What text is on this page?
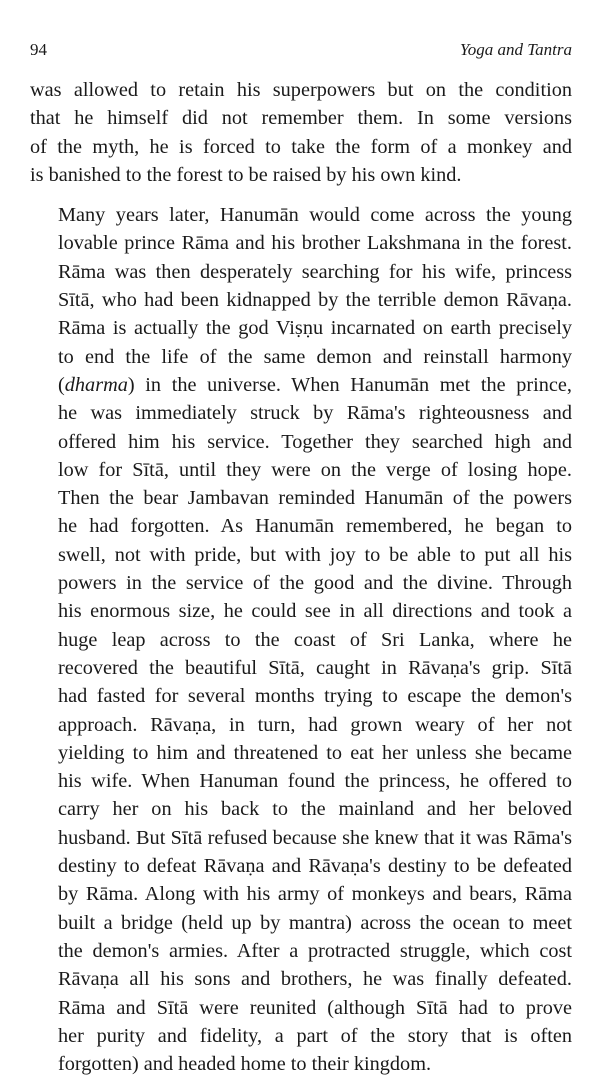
94	Yoga and Tantra

was allowed to retain his superpowers but on the condition
that he himself did not remember them. In some versions
of the myth, he is forced to take the form of a monkey and
is banished to the forest to be raised by his own kind.

Many years later, Hanumān would come across the young
lovable prince Rāma and his brother Lakshmana in the forest.
Rāma was then desperately searching for his wife, princess
Sītā, who had been kidnapped by the terrible demon Rāvaṇa.
Rāma is actually the god Viṣṇu incarnated on earth precisely
to end the life of the same demon and reinstall harmony
(dharma) in the universe. When Hanumān met the prince,
he was immediately struck by Rāma's righteousness and
offered him his service. Together they searched high and
low for Sītā, until they were on the verge of losing hope.
Then the bear Jambavan reminded Hanumān of the powers
he had forgotten. As Hanumān remembered, he began to
swell, not with pride, but with joy to be able to put all his
powers in the service of the good and the divine. Through
his enormous size, he could see in all directions and took a
huge leap across to the coast of Sri Lanka, where he
recovered the beautiful Sītā, caught in Rāvaṇa's grip. Sītā
had fasted for several months trying to escape the demon's
approach. Rāvaṇa, in turn, had grown weary of her not
yielding to him and threatened to eat her unless she became
his wife. When Hanuman found the princess, he offered to
carry her on his back to the mainland and her beloved
husband. But Sītā refused because she knew that it was Rāma's
destiny to defeat Rāvaṇa and Rāvaṇa's destiny to be defeated
by Rāma. Along with his army of monkeys and bears, Rāma
built a bridge (held up by mantra) across the ocean to meet
the demon's armies. After a protracted struggle, which cost
Rāvaṇa all his sons and brothers, he was finally defeated.
Rāma and Sītā were reunited (although Sītā had to prove
her purity and fidelity, a part of the story that is often
forgotten) and headed home to their kingdom.
